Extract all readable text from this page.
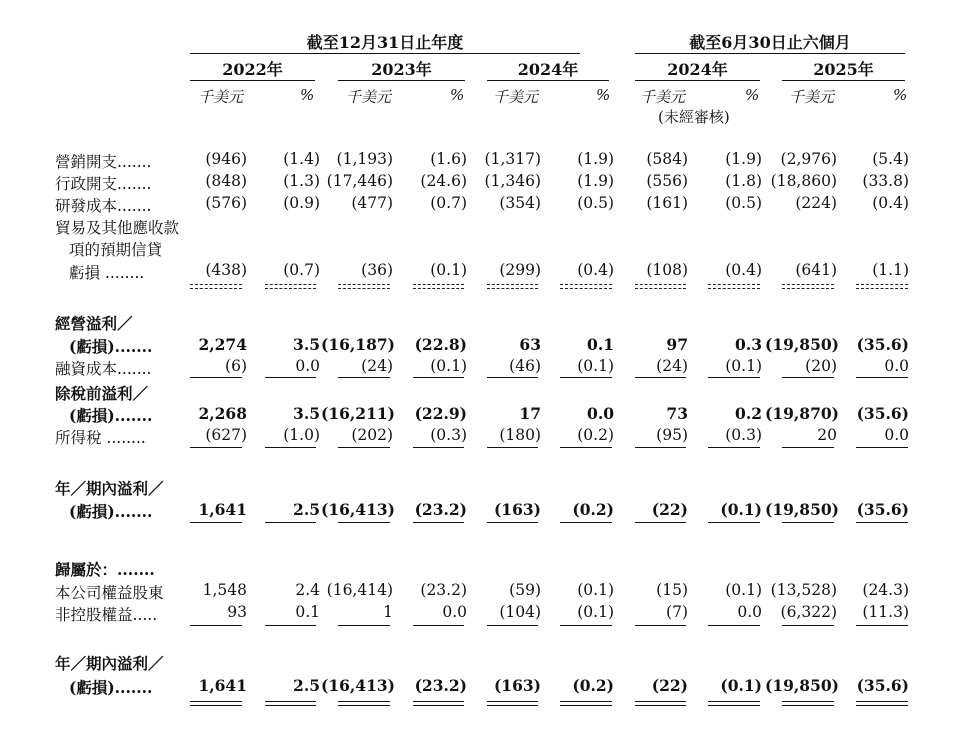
截至12月31日止年度	截至6月30日止六個月
2022年	2023年	2024年	2024年	2025年
千美元	% 千美元	% 千美元	% 千美元	% 千美元	%
(未經審核)
營銷開支.......	(946)	(1.4)	(1,193)	(1.6)	(1,317)	(1.9)	(584)	(1.9)	(2,976)	(5.4)
行政開支.......	(848)	(1.3) (17,446)	(24.6)	(1,346)	(1.9)	(556)	(1.8) (18,860)	(33.8)
研發成本.......	(576)	(0.9)	(477)	(0.7)	(354)	(0.5)	(161)	(0.5)	(224)	(0.4)
貿易及其他應收款
項的預期信貸
虧損 ........	(438)	(0.7)	(36)	(0.1)	(299)	(0.4)	(108)	(0.4)	(641)	(1.1)
經營溢利／
(虧損).......	2,274	3.5 (16,187)	(22.8)	63	0.1	97	0.3 (19,850)	(35.6)
融資成本.......	(6)	0.0	(24)	(0.1)	(46)	(0.1)	(24)	(0.1)	(20)	0.0
除稅前溢利／
(虧損).......	2,268	3.5 (16,211)	(22.9)	17	0.0	73	0.2 (19,870)	(35.6)
所得稅 ........	(627)	(1.0)	(202)	(0.3)	(180)	(0.2)	(95)	(0.3)	20	0.0
年／期內溢利／
(虧損).......	1,641	2.5 (16,413)	(23.2)	(163)	(0.2)	(22)	(0.1) (19,850)	(35.6)
歸屬於：.......
本公司權益股東	1,548	2.4 (16,414)	(23.2)	(59)	(0.1)	(15)	(0.1) (13,528)	(24.3)
非控股權益.....	93	0.1	1	0.0	(104)	(0.1)	(7)	0.0	(6,322)	(11.3)
年／期內溢利／
(虧損).......	1,641	2.5 (16,413)	(23.2)	(163)	(0.2)	(22)	(0.1) (19,850)	(35.6)
